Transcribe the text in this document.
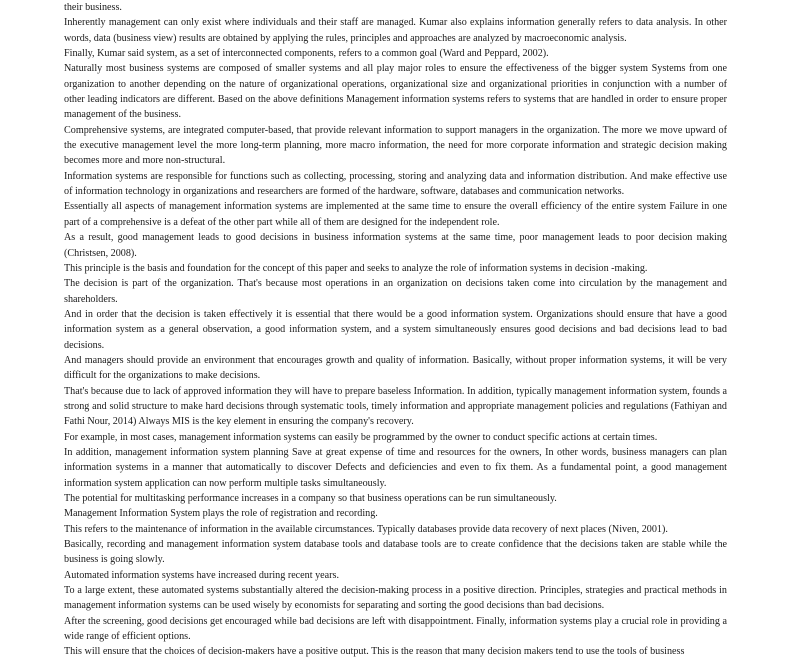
their business.

Inherently management can only exist where individuals and their staff are managed. Kumar also explains information generally refers to data analysis. In other words, data (business view) results are obtained by applying the rules, principles and approaches are analyzed by macroeconomic analysis.

Finally, Kumar said system, as a set of interconnected components, refers to a common goal (Ward and Peppard, 2002).

Naturally most business systems are composed of smaller systems and all play major roles to ensure the effectiveness of the bigger system Systems from one organization to another depending on the nature of organizational operations, organizational size and organizational priorities in conjunction with a number of other leading indicators are different. Based on the above definitions Management information systems refers to systems that are handled in order to ensure proper management of the business.

Comprehensive systems, are integrated computer-based, that provide relevant information to support managers in the organization. The more we move upward of the executive management level the more long-term planning, more macro information, the need for more corporate information and strategic decision making becomes more and more non-structural.

Information systems are responsible for functions such as collecting, processing, storing and analyzing data and information distribution. And make effective use of information technology in organizations and researchers are formed of the hardware, software, databases and communication networks.

Essentially all aspects of management information systems are implemented at the same time to ensure the overall efficiency of the entire system Failure in one part of a comprehensive is a defeat of the other part while all of them are designed for the independent role.

As a result, good management leads to good decisions in business information systems at the same time, poor management leads to poor decision making (Christsen, 2008).

This principle is the basis and foundation for the concept of this paper and seeks to analyze the role of information systems in decision -making.

The decision is part of the organization. That's because most operations in an organization on decisions taken come into circulation by the management and shareholders.

And in order that the decision is taken effectively it is essential that there would be a good information system. Organizations should ensure that have a good information system as a general observation, a good information system, and a system simultaneously ensures good decisions and bad decisions lead to bad decisions.

And managers should provide an environment that encourages growth and quality of information. Basically, without proper information systems, it will be very difficult for the organizations to make decisions.

That's because due to lack of approved information they will have to prepare baseless Information. In addition, typically management information system, founds a strong and solid structure to make hard decisions through systematic tools, timely information and appropriate management policies and regulations (Fathiyan and Fathi Nour, 2014) Always MIS is the key element in ensuring the company's recovery.

For example, in most cases, management information systems can easily be programmed by the owner to conduct specific actions at certain times.

In addition, management information system planning Save at great expense of time and resources for the owners, In other words, business managers can plan information systems in a manner that automatically to discover Defects and deficiencies and even to fix them. As a fundamental point, a good management information system application can now perform multiple tasks simultaneously.

The potential for multitasking performance increases in a company so that business operations can be run simultaneously.

Management Information System plays the role of registration and recording.

This refers to the maintenance of information in the available circumstances. Typically databases provide data recovery of next places (Niven, 2001).

Basically, recording and management information system database tools and database tools are to create confidence that the decisions taken are stable while the business is going slowly.

Automated information systems have increased during recent years.

To a large extent, these automated systems substantially altered the decision-making process in a positive direction. Principles, strategies and practical methods in management information systems can be used wisely by economists for separating and sorting the good decisions than bad decisions.

After the screening, good decisions get encouraged while bad decisions are left with disappointment. Finally, information systems play a crucial role in providing a wide range of efficient options.

This will ensure that the choices of decision-makers have a positive output. This is the reason that many decision makers tend to use the tools of business
